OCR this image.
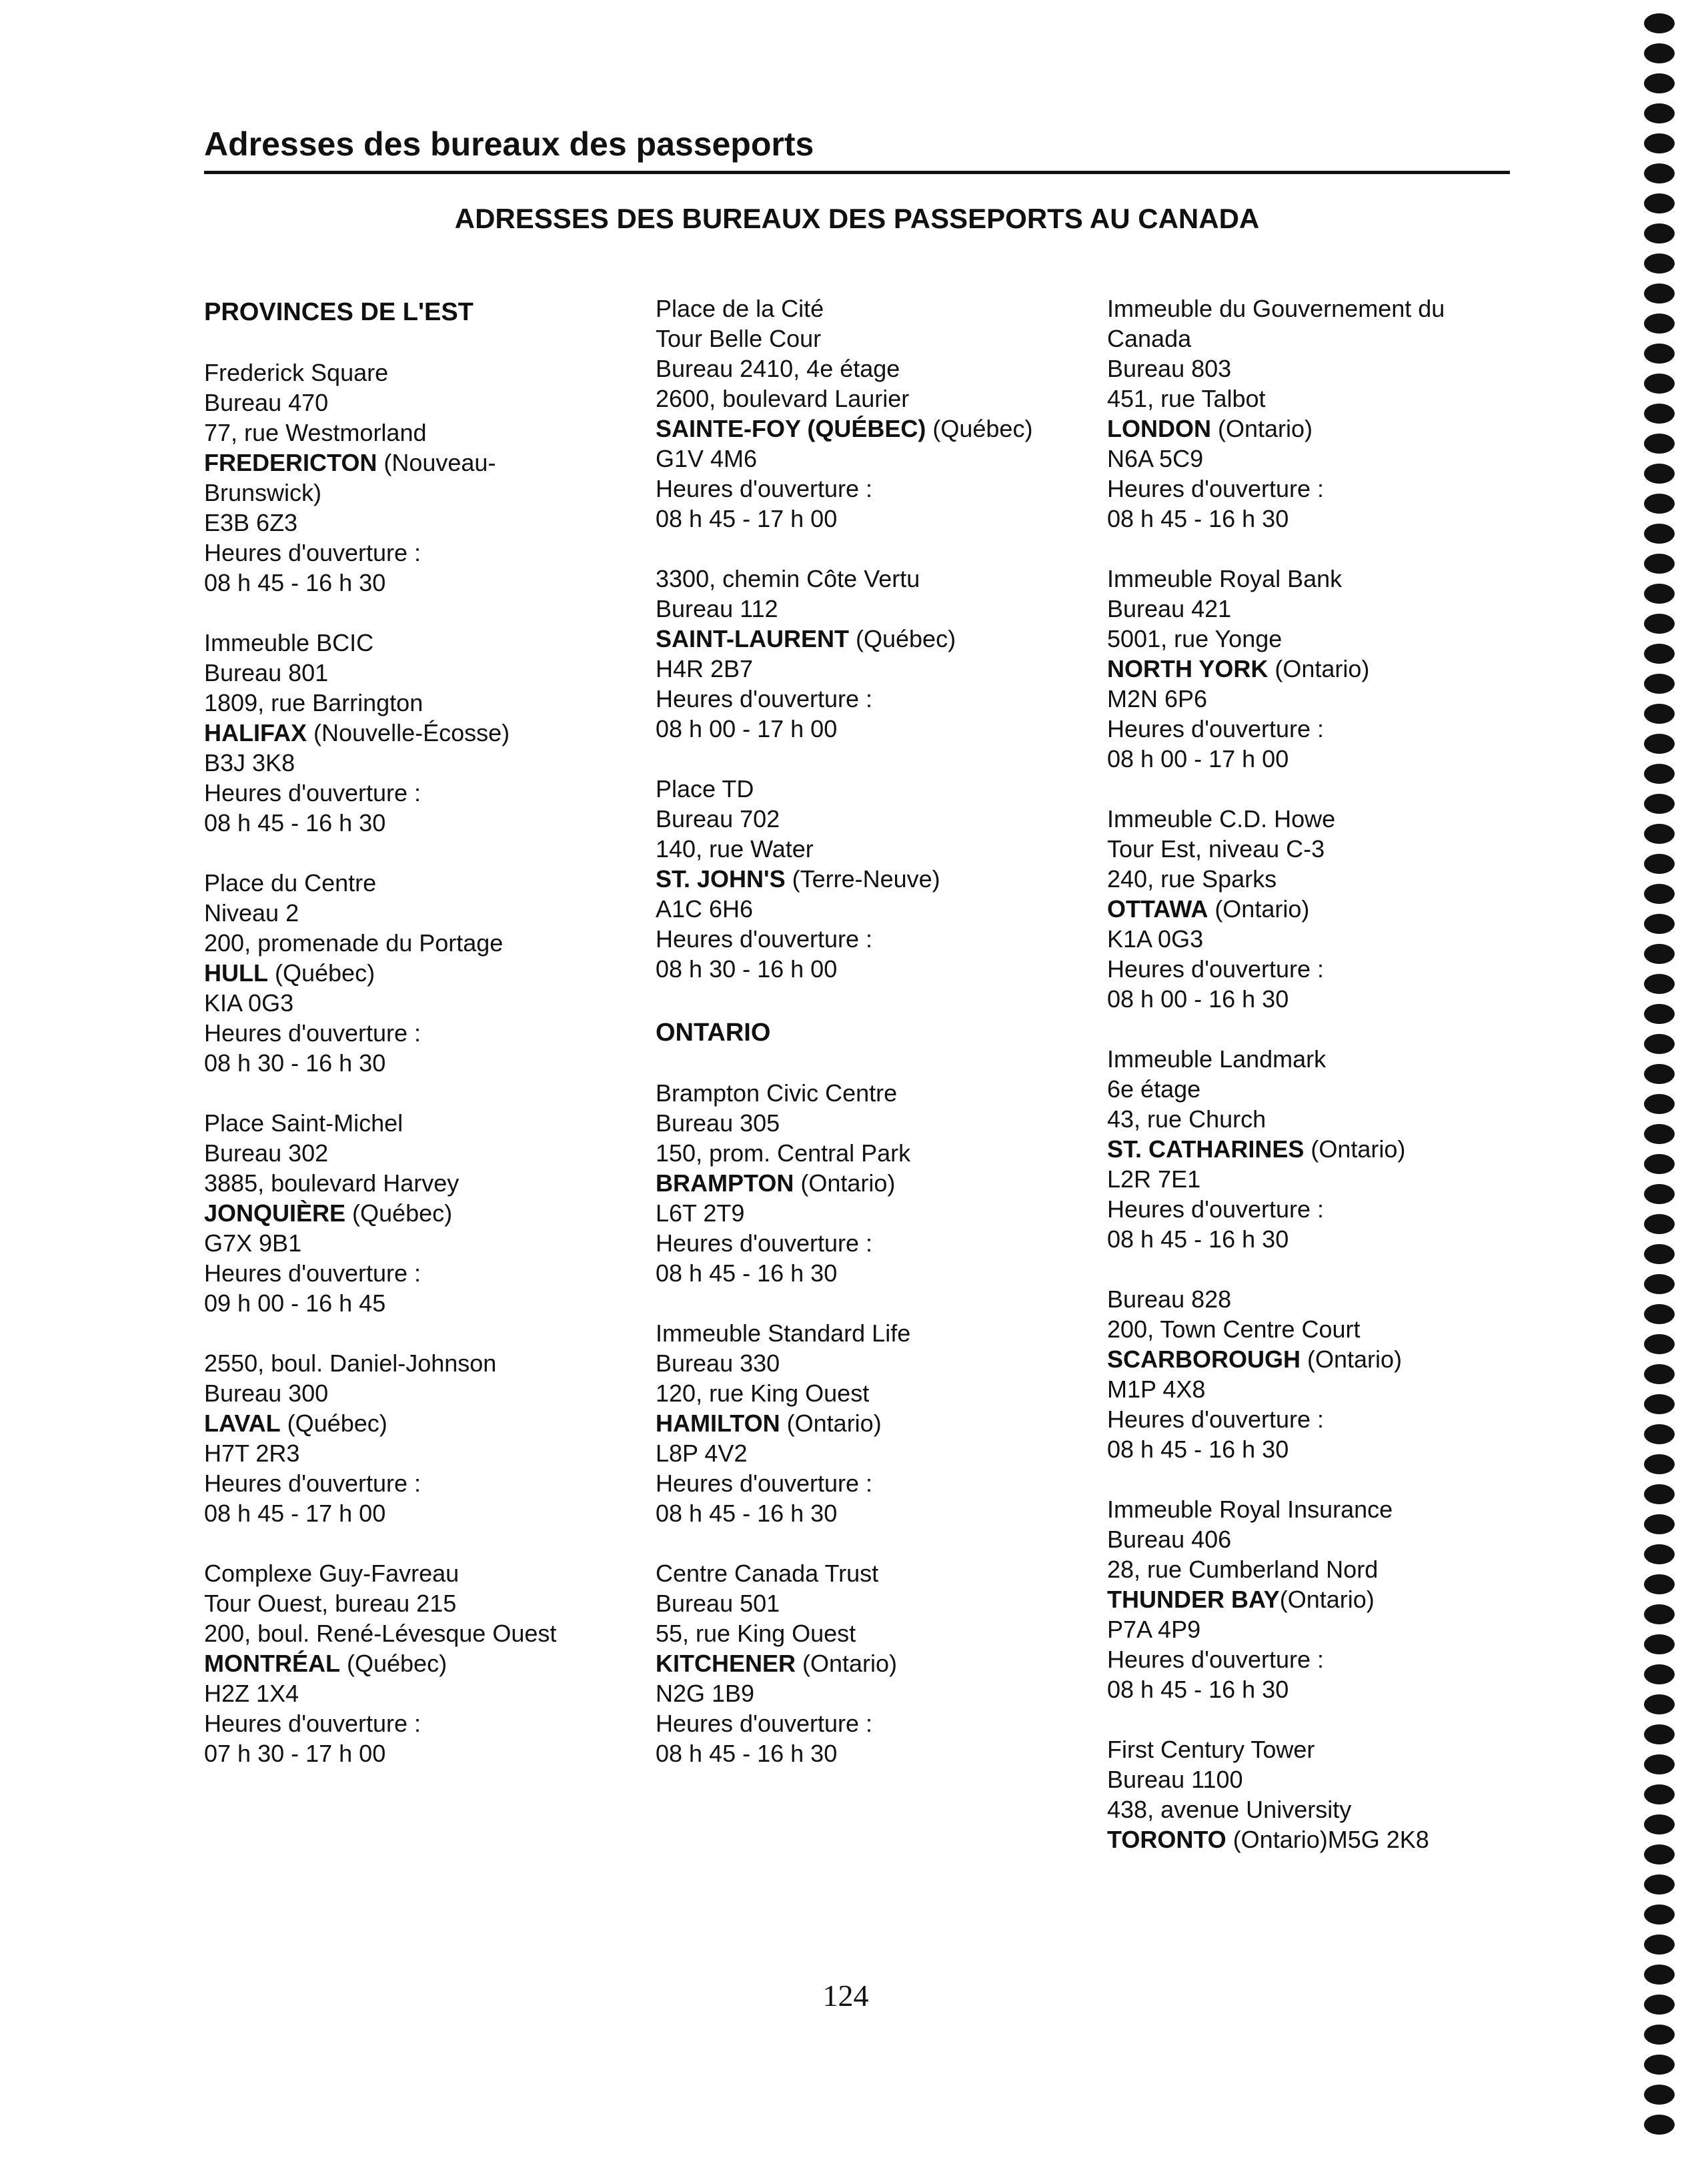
Adresses des bureaux des passeports
ADRESSES DES BUREAUX DES PASSEPORTS AU CANADA
PROVINCES DE L'EST
Frederick Square
Bureau 470
77, rue Westmorland
FREDERICTON (Nouveau-
Brunswick)
E3B 6Z3
Heures d'ouverture :
08 h 45 - 16 h 30
Immeuble BCIC
Bureau 801
1809, rue Barrington
HALIFAX (Nouvelle-Écosse)
B3J 3K8
Heures d'ouverture :
08 h 45 - 16 h 30
Place du Centre
Niveau 2
200, promenade du Portage
HULL (Québec)
KIA 0G3
Heures d'ouverture :
08 h 30 - 16 h 30
Place Saint-Michel
Bureau 302
3885, boulevard Harvey
JONQUIÈRE (Québec)
G7X 9B1
Heures d'ouverture :
09 h 00 - 16 h 45
2550, boul. Daniel-Johnson
Bureau 300
LAVAL (Québec)
H7T 2R3
Heures d'ouverture :
08 h 45 - 17 h 00
Complexe Guy-Favreau
Tour Ouest, bureau 215
200, boul. René-Lévesque Ouest
MONTRÉAL (Québec)
H2Z 1X4
Heures d'ouverture :
07 h 30 - 17 h 00
Place de la Cité
Tour Belle Cour
Bureau 2410, 4e étage
2600, boulevard Laurier
SAINTE-FOY (QUÉBEC) (Québec)
G1V 4M6
Heures d'ouverture :
08 h 45 - 17 h 00
3300, chemin Côte Vertu
Bureau 112
SAINT-LAURENT (Québec)
H4R 2B7
Heures d'ouverture :
08 h 00 - 17 h 00
Place TD
Bureau 702
140, rue Water
ST. JOHN'S (Terre-Neuve)
A1C 6H6
Heures d'ouverture :
08 h 30 - 16 h 00
ONTARIO
Brampton Civic Centre
Bureau 305
150, prom. Central Park
BRAMPTON (Ontario)
L6T 2T9
Heures d'ouverture :
08 h 45 - 16 h 30
Immeuble Standard Life
Bureau 330
120, rue King Ouest
HAMILTON (Ontario)
L8P 4V2
Heures d'ouverture :
08 h 45 - 16 h 30
Centre Canada Trust
Bureau 501
55, rue King Ouest
KITCHENER (Ontario)
N2G 1B9
Heures d'ouverture :
08 h 45 - 16 h 30
Immeuble du Gouvernement du
Canada
Bureau 803
451, rue Talbot
LONDON (Ontario)
N6A 5C9
Heures d'ouverture :
08 h 45 - 16 h 30
Immeuble Royal Bank
Bureau 421
5001, rue Yonge
NORTH YORK (Ontario)
M2N 6P6
Heures d'ouverture :
08 h 00 - 17 h 00
Immeuble C.D. Howe
Tour Est, niveau C-3
240, rue Sparks
OTTAWA (Ontario)
K1A 0G3
Heures d'ouverture :
08 h 00 - 16 h 30
Immeuble Landmark
6e étage
43, rue Church
ST. CATHARINES (Ontario)
L2R 7E1
Heures d'ouverture :
08 h 45 - 16 h 30
Bureau 828
200, Town Centre Court
SCARBOROUGH (Ontario)
M1P 4X8
Heures d'ouverture :
08 h 45 - 16 h 30
Immeuble Royal Insurance
Bureau 406
28, rue Cumberland Nord
THUNDER BAY(Ontario)
P7A 4P9
Heures d'ouverture :
08 h 45 - 16 h 30
First Century Tower
Bureau 1100
438, avenue University
TORONTO (Ontario)M5G 2K8
124
